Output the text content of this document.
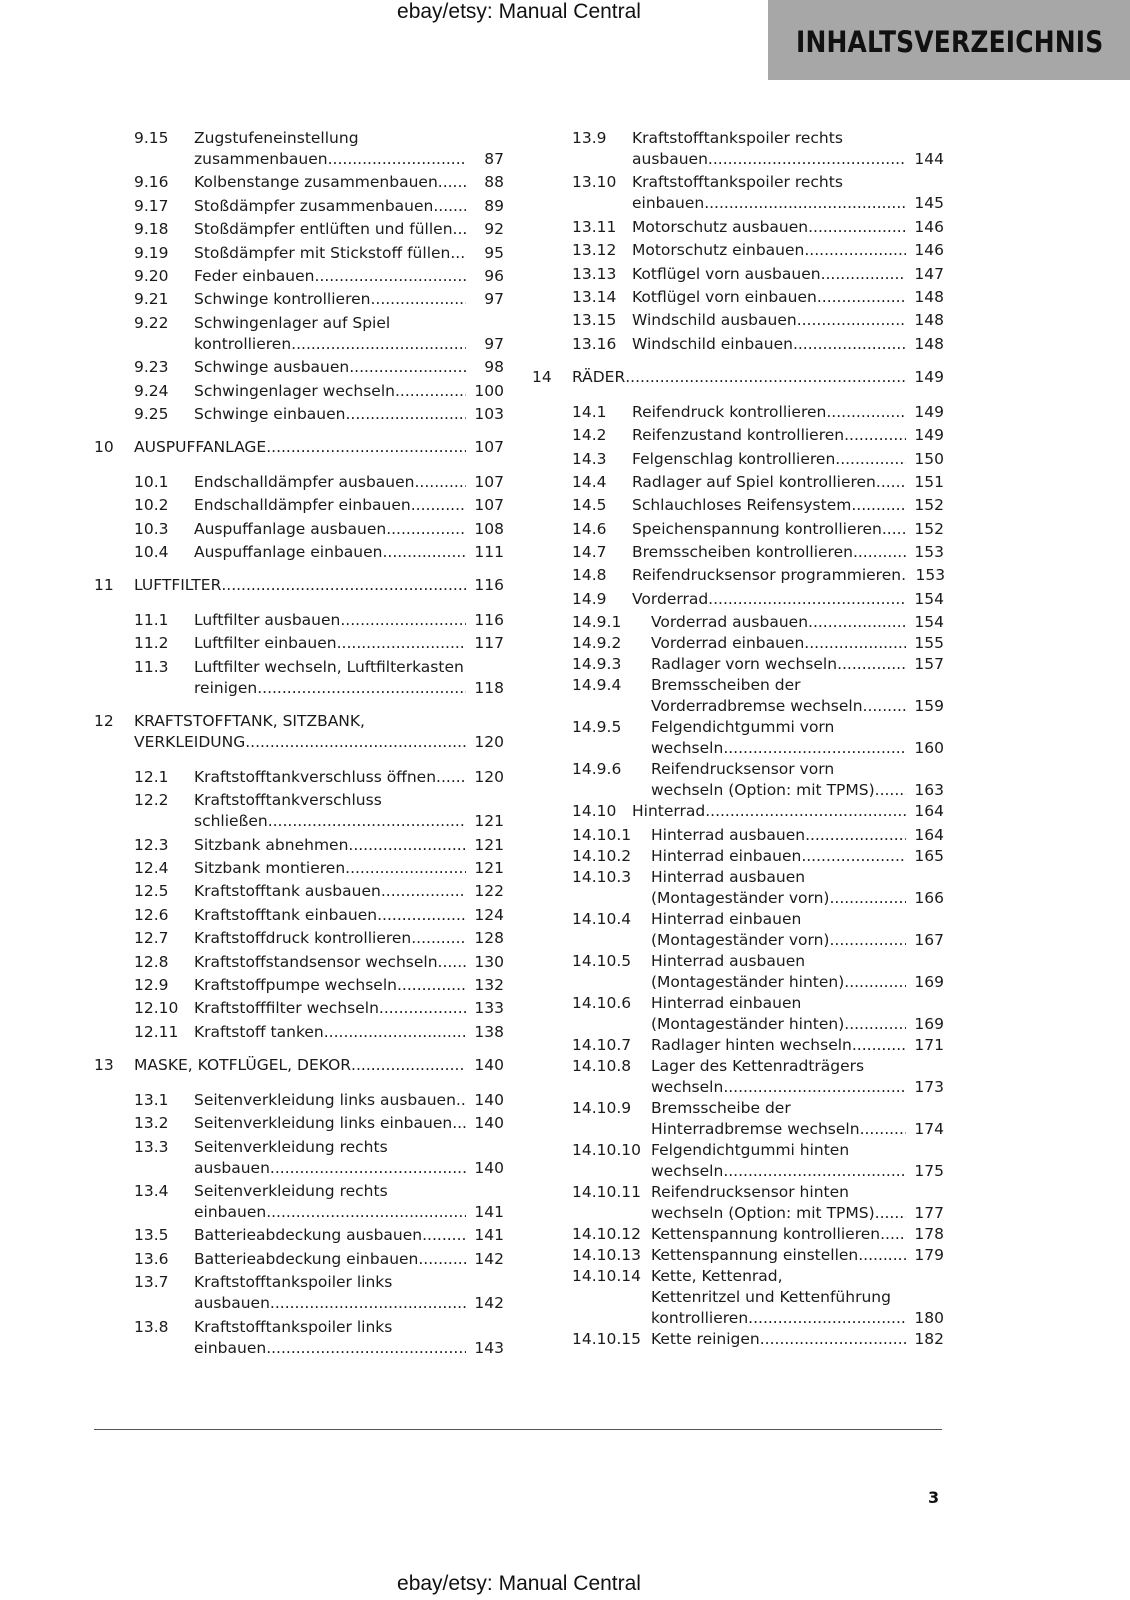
ebay/etsy: Manual Central
INHALTSVERZEICHNIS
9.15 Zugstufeneinstellung
zusammenbauen .....	87
9.16 Kolbenstange zusammenbauen .....	88
9.17 Stoßdämpfer zusammenbauen .....	89
9.18 Stoßdämpfer entlüften und füllen .....	92
9.19 Stoßdämpfer mit Stickstoff füllen .....	95
9.20 Feder einbauen .....	96
9.21 Schwinge kontrollieren .....	97
9.22 Schwingenlager auf Spiel
kontrollieren .....	97
9.23 Schwinge ausbauen .....	98
9.24 Schwingenlager wechseln .....	100
9.25 Schwinge einbauen .....	103
10 AUSPUFFANLAGE .....	107
10.1 Endschalldämpfer ausbauen .....	107
10.2 Endschalldämpfer einbauen .....	107
10.3 Auspuffanlage ausbauen .....	108
10.4 Auspuffanlage einbauen .....	111
11 LUFTFILTER .....	116
11.1 Luftfilter ausbauen .....	116
11.2 Luftfilter einbauen .....	117
11.3 Luftfilter wechseln, Luftfilterkasten
reinigen .....	118
12 KRAFTSTOFFTANK, SITZBANK,
VERKLEIDUNG .....	120
12.1 Kraftstofftankverschluss öffnen .....	120
12.2 Kraftstofftankverschluss
schließen .....	121
12.3 Sitzbank abnehmen .....	121
12.4 Sitzbank montieren .....	121
12.5 Kraftstofftank ausbauen .....	122
12.6 Kraftstofftank einbauen .....	124
12.7 Kraftstoffdruck kontrollieren .....	128
12.8 Kraftstoffstandsensor wechseln .....	130
12.9 Kraftstoffpumpe wechseln .....	132
12.10 Kraftstofffilter wechseln .....	133
12.11 Kraftstoff tanken .....	138
13 MASKE, KOTFLÜGEL, DEKOR .....	140
13.1 Seitenverkleidung links ausbauen .....	140
13.2 Seitenverkleidung links einbauen .....	140
13.3 Seitenverkleidung rechts
ausbauen .....	140
13.4 Seitenverkleidung rechts
einbauen .....	141
13.5 Batterieabdeckung ausbauen .....	141
13.6 Batterieabdeckung einbauen .....	142
13.7 Kraftstofftankspoiler links
ausbauen .....	142
13.8 Kraftstofftankspoiler links
einbauen .....	143
13.9 Kraftstofftankspoiler rechts
ausbauen .....	144
13.10 Kraftstofftankspoiler rechts
einbauen .....	145
13.11 Motorschutz ausbauen .....	146
13.12 Motorschutz einbauen .....	146
13.13 Kotflügel vorn ausbauen .....	147
13.14 Kotflügel vorn einbauen .....	148
13.15 Windschild ausbauen .....	148
13.16 Windschild einbauen .....	148
14 RÄDER .....	149
14.1 Reifendruck kontrollieren .....	149
14.2 Reifenzustand kontrollieren .....	149
14.3 Felgenschlag kontrollieren .....	150
14.4 Radlager auf Spiel kontrollieren .....	151
14.5 Schlauchloses Reifensystem .....	152
14.6 Speichenspannung kontrollieren .....	152
14.7 Bremsscheiben kontrollieren .....	153
14.8 Reifendrucksensor programmieren ..... 153
14.9 Vorderrad .....	154
14.9.1 Vorderrad ausbauen .....	154
14.9.2 Vorderrad einbauen .....	155
14.9.3 Radlager vorn wechseln .....	157
14.9.4 Bremsscheiben der
Vorderradbremse wechseln .....	159
14.9.5 Felgendichtgummi vorn
wechseln .....	160
14.9.6 Reifendrucksensor vorn
wechseln (Option: mit TPMS) .....	163
14.10 Hinterrad .....	164
14.10.1 Hinterrad ausbauen .....	164
14.10.2 Hinterrad einbauen .....	165
14.10.3 Hinterrad ausbauen
(Montageständer vorn) .....	166
14.10.4 Hinterrad einbauen
(Montageständer vorn) .....	167
14.10.5 Hinterrad ausbauen
(Montageständer hinten) .....	169
14.10.6 Hinterrad einbauen
(Montageständer hinten) .....	169
14.10.7 Radlager hinten wechseln .....	171
14.10.8 Lager des Kettenradträgers
wechseln .....	173
14.10.9 Bremsscheibe der
Hinterradbremse wechseln .....	174
14.10.10 Felgendichtgummi hinten
wechseln .....	175
14.10.11 Reifendrucksensor hinten
wechseln (Option: mit TPMS) .....	177
14.10.12 Kettenspannung kontrollieren .....	178
14.10.13 Kettenspannung einstellen .....	179
14.10.14 Kette, Kettenrad,
Kettenritzel und Kettenführung
kontrollieren .....	180
14.10.15 Kette reinigen .....	182
3
ebay/etsy: Manual Central
